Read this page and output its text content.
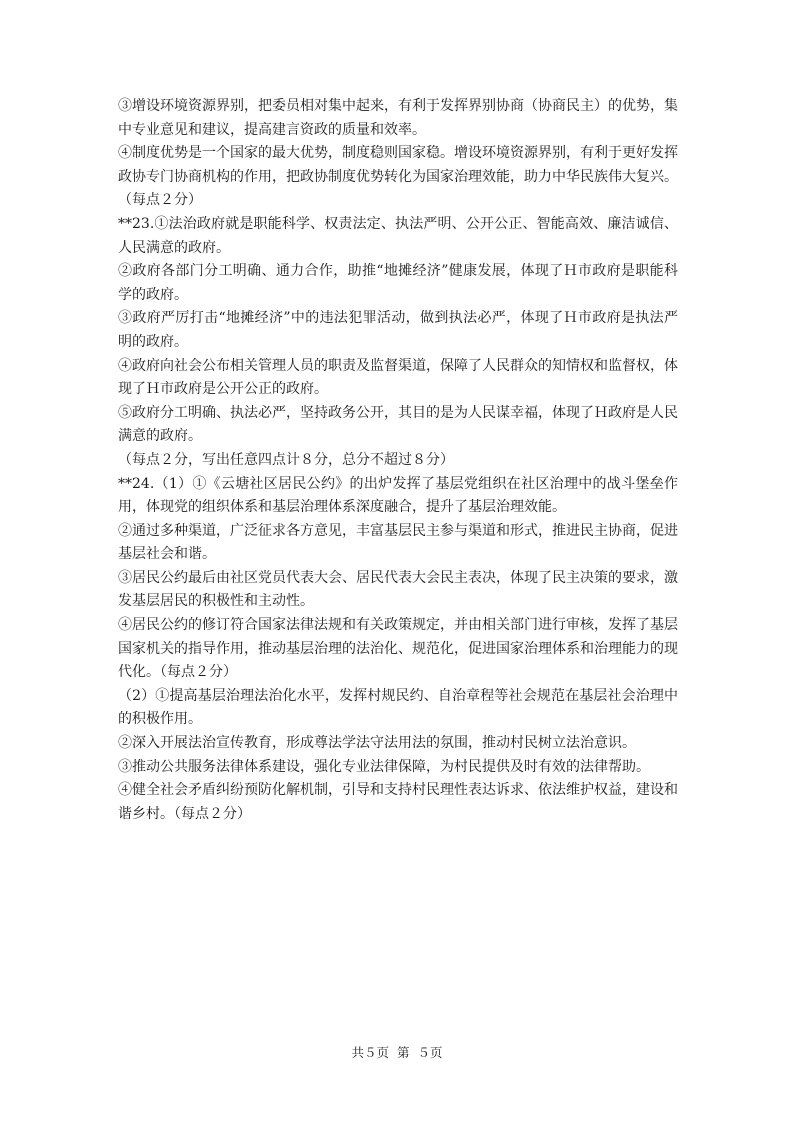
③增设环境资源界别，把委员相对集中起来，有利于发挥界别协商（协商民主）的优势，集中专业意见和建议，提高建言资政的质量和效率。

④制度优势是一个国家的最大优势，制度稳则国家稳。增设环境资源界别，有利于更好发挥政协专门协商机构的作用，把政协制度优势转化为国家治理效能，助力中华民族伟大复兴。（每点２分）

**23.①法治政府就是职能科学、权责法定、执法严明、公开公正、智能高效、廉洁诚信、人民满意的政府。

②政府各部门分工明确、通力合作，助推“地摊经济”健康发展，体现了Ｈ市政府是职能科学的政府。

③政府严厉打击“地摊经济”中的违法犯罪活动，做到执法必严，体现了Ｈ市政府是执法严明的政府。

④政府向社会公布相关管理人员的职责及监督渠道，保障了人民群众的知情权和监督权，体现了Ｈ市政府是公开公正的政府。

⑤政府分工明确、执法必严，坚持政务公开，其目的是为人民谋幸福，体现了Ｈ政府是人民满意的政府。

（每点２分，写出任意四点计８分，总分不超过８分）

**24.（1）①《云塘社区居民公约》的出炉发挥了基层党组织在社区治理中的战斗堡垒作用，体现党的组织体系和基层治理体系深度融合，提升了基层治理效能。

②通过多种渠道，广泛征求各方意见，丰富基层民主参与渠道和形式，推进民主协商，促进基层社会和谐。

③居民公约最后由社区党员代表大会、居民代表大会民主表决，体现了民主决策的要求，激发基层居民的积极性和主动性。

④居民公约的修订符合国家法律法规和有关政策规定，并由相关部门进行审核，发挥了基层国家机关的指导作用，推动基层治理的法治化、规范化，促进国家治理体系和治理能力的现代化。（每点２分）

（2）①提高基层治理法治化水平，发挥村规民约、自治章程等社会规范在基层社会治理中的积极作用。

②深入开展法治宣传教育，形成尊法学法守法用法的氛围，推动村民树立法治意识。

③推动公共服务法律体系建设，强化专业法律保障，为村民提供及时有效的法律帮助。

④健全社会矛盾纠纷预防化解机制，引导和支持村民理性表达诉求、依法维护权益，建设和谐乡村。（每点２分）

共５页  第  ５页
